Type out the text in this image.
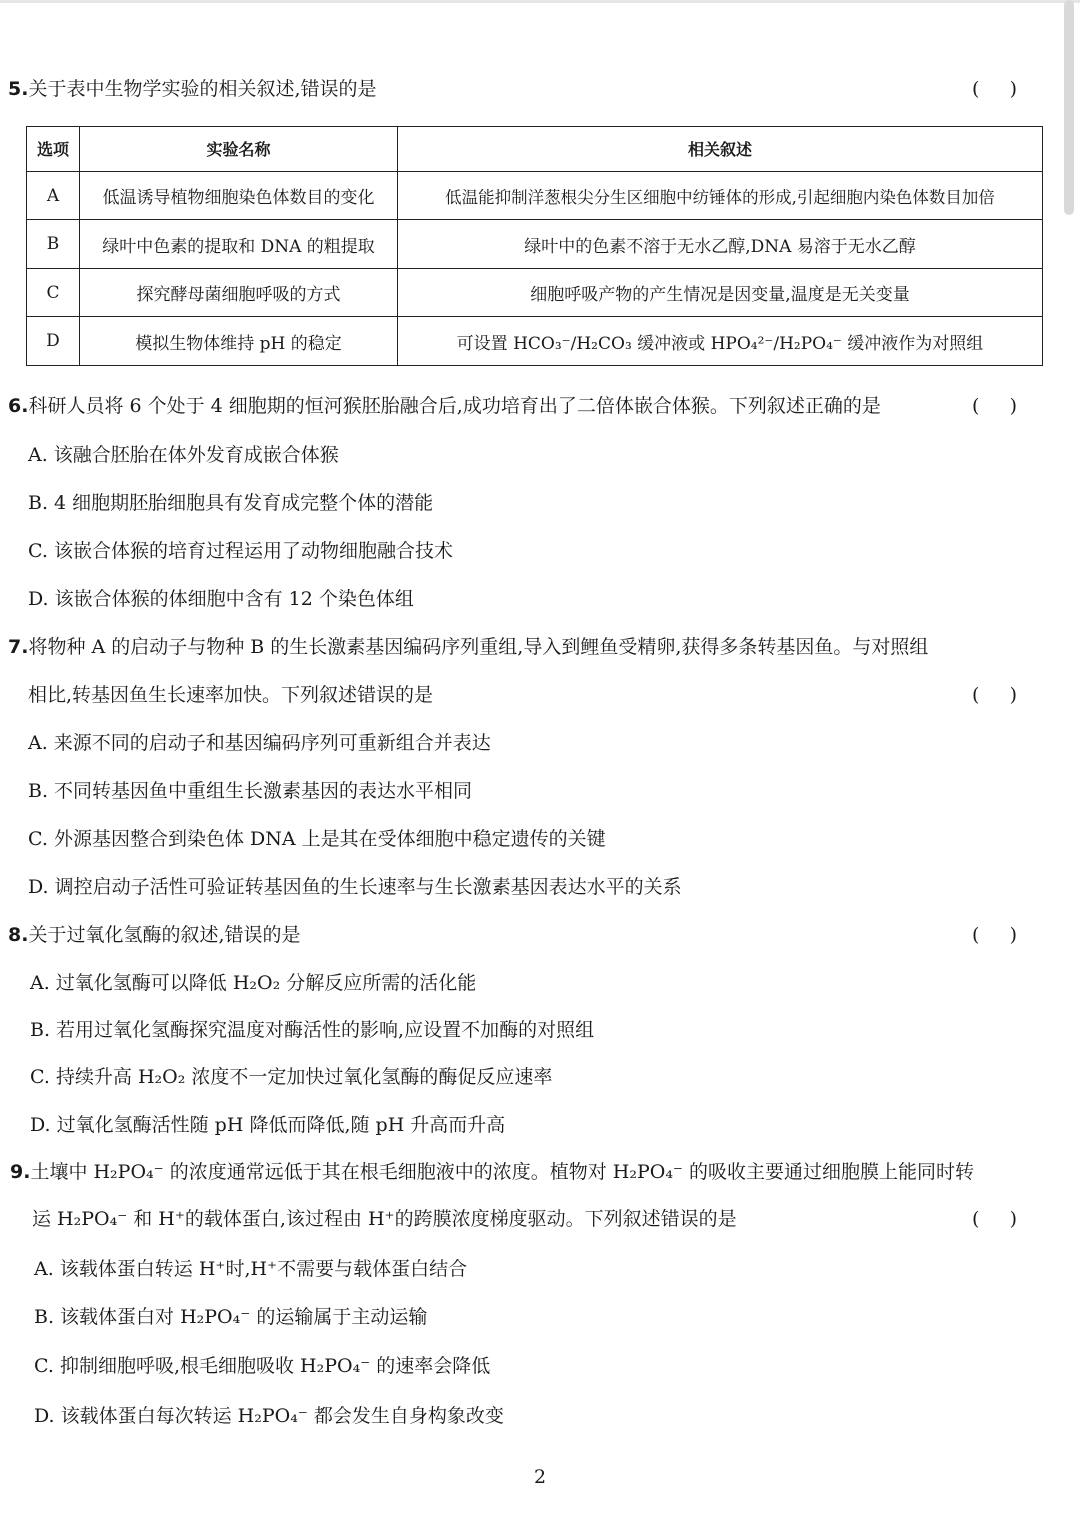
5.关于表中生物学实验的相关叙述,错误的是	(     )
选项	实验名称	相关叙述
A	低温诱导植物细胞染色体数目的变化	低温能抑制洋葱根尖分生区细胞中纺锤体的形成,引起细胞内染色体数目加倍
B	绿叶中色素的提取和 DNA 的粗提取	绿叶中的色素不溶于无水乙醇,DNA 易溶于无水乙醇
C	探究酵母菌细胞呼吸的方式	细胞呼吸产物的产生情况是因变量,温度是无关变量
D	模拟生物体维持 pH 的稳定	可设置 HCO₃⁻/H₂CO₃ 缓冲液或 HPO₄²⁻/H₂PO₄⁻ 缓冲液作为对照组
6.科研人员将 6 个处于 4 细胞期的恒河猴胚胎融合后,成功培育出了二倍体嵌合体猴。下列叙述正确的是	(     )
A. 该融合胚胎在体外发育成嵌合体猴
B. 4 细胞期胚胎细胞具有发育成完整个体的潜能
C. 该嵌合体猴的培育过程运用了动物细胞融合技术
D. 该嵌合体猴的体细胞中含有 12 个染色体组
7.将物种 A 的启动子与物种 B 的生长激素基因编码序列重组,导入到鲤鱼受精卵,获得多条转基因鱼。与对照组
相比,转基因鱼生长速率加快。下列叙述错误的是	(     )
A. 来源不同的启动子和基因编码序列可重新组合并表达
B. 不同转基因鱼中重组生长激素基因的表达水平相同
C. 外源基因整合到染色体 DNA 上是其在受体细胞中稳定遗传的关键
D. 调控启动子活性可验证转基因鱼的生长速率与生长激素基因表达水平的关系
8.关于过氧化氢酶的叙述,错误的是	(     )
A. 过氧化氢酶可以降低 H₂O₂ 分解反应所需的活化能
B. 若用过氧化氢酶探究温度对酶活性的影响,应设置不加酶的对照组
C. 持续升高 H₂O₂ 浓度不一定加快过氧化氢酶的酶促反应速率
D. 过氧化氢酶活性随 pH 降低而降低,随 pH 升高而升高
9.土壤中 H₂PO₄⁻ 的浓度通常远低于其在根毛细胞液中的浓度。植物对 H₂PO₄⁻ 的吸收主要通过细胞膜上能同时转
运 H₂PO₄⁻ 和 H⁺的载体蛋白,该过程由 H⁺的跨膜浓度梯度驱动。下列叙述错误的是	(     )
A. 该载体蛋白转运 H⁺时,H⁺不需要与载体蛋白结合
B. 该载体蛋白对 H₂PO₄⁻ 的运输属于主动运输
C. 抑制细胞呼吸,根毛细胞吸收 H₂PO₄⁻ 的速率会降低
D. 该载体蛋白每次转运 H₂PO₄⁻ 都会发生自身构象改变
2
